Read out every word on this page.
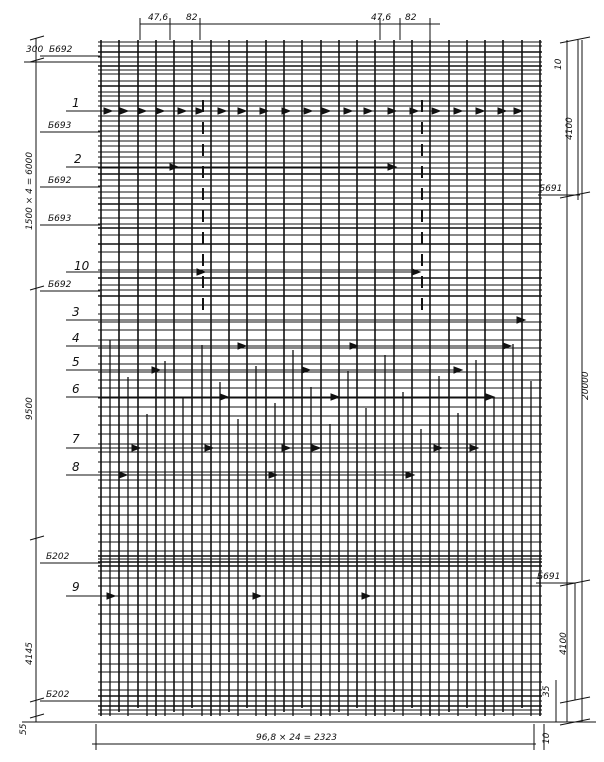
47,6 82	47,6 82
300
1500 × 4 = 6000
9500
4145
55
10
4100
20000
4100
35
10
96,8 × 24 = 2323
Б692
Б693
Б692
Б693
Б692
Б202
Б202
Б691
Б691
1
2
10
3
4
5
6
7
8
9
